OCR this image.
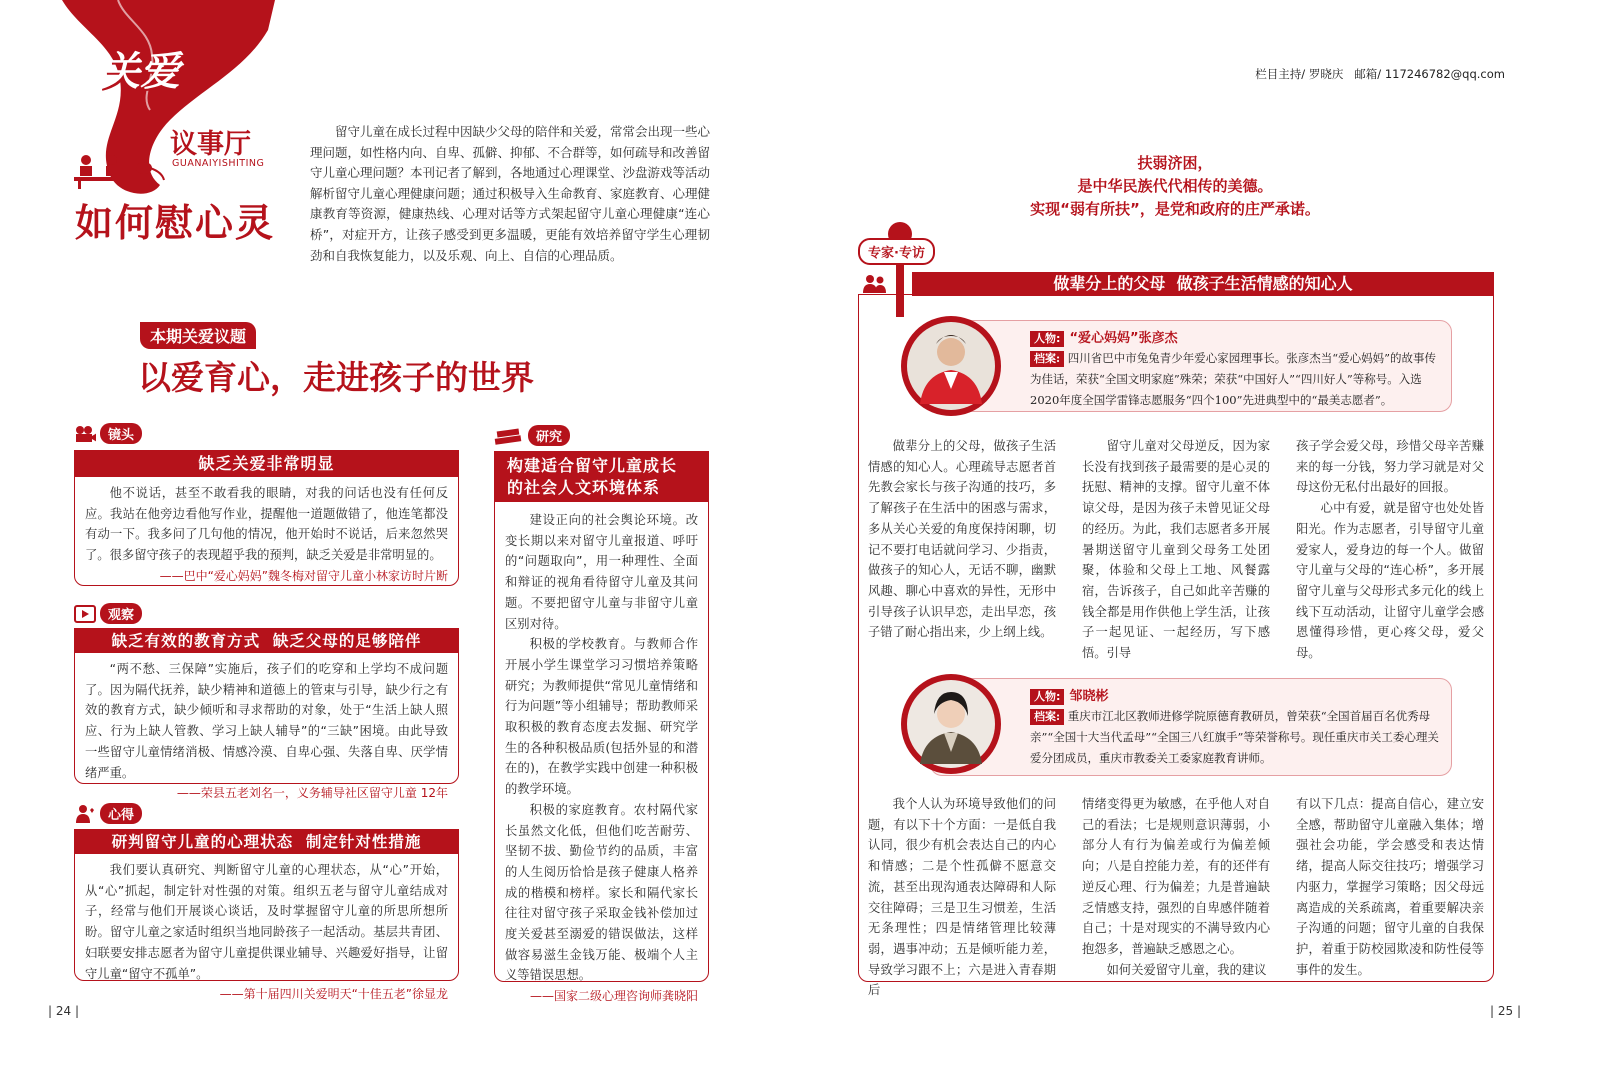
关爱
议事厅
GUANAIYISHITING
如何慰心灵

留守儿童在成长过程中因缺少父母的陪伴和关爱，常常会出现一些心理问题，如性格内向、自卑、孤僻、抑郁、不合群等，如何疏导和改善留守儿童心理问题？本刊记者了解到，各地通过心理课堂、沙盘游戏等活动解析留守儿童心理健康问题；通过积极导入生命教育、家庭教育、心理健康教育等资源，健康热线、心理对话等方式架起留守儿童心理健康“连心桥”，对症开方，让孩子感受到更多温暖，更能有效培养留守学生心理韧劲和自我恢复能力，以及乐观、向上、自信的心理品质。

本期关爱议题
以爱育心，走进孩子的世界
镜头
缺乏关爱非常明显

他不说话，甚至不敢看我的眼睛，对我的问话也没有任何反应。我站在他旁边看他写作业，提醒他一道题做错了，他连笔都没有动一下。我多问了几句他的情况，他开始时不说话，后来忽然哭了。很多留守孩子的表现超乎我的预判，缺乏关爱是非常明显的。

——巴中“爱心妈妈”魏冬梅对留守儿童小林家访时片断
观察
缺乏有效的教育方式  缺乏父母的足够陪伴

“两不愁、三保障”实施后，孩子们的吃穿和上学均不成问题了。因为隔代抚养，缺少精神和道德上的管束与引导，缺少行之有效的教育方式，缺少倾听和寻求帮助的对象，处于“生活上缺人照应、行为上缺人管教、学习上缺人辅导”的“三缺”困境。由此导致一些留守儿童情绪消极、情感冷漠、自卑心强、失落自卑、厌学情绪严重。

——荣县五老刘名一，义务辅导社区留守儿童 12年
心得
研判留守儿童的心理状态  制定针对性措施

我们要认真研究、判断留守儿童的心理状态，从“心”开始，从“心”抓起，制定针对性强的对策。组织五老与留守儿童结成对子，经常与他们开展谈心谈话，及时掌握留守儿童的所思所想所盼。留守儿童之家适时组织当地同龄孩子一起活动。基层共青团、妇联要安排志愿者为留守儿童提供课业辅导、兴趣爱好指导，让留守儿童“留守不孤单”。

——第十届四川关爱明天“十佳五老”徐显龙
研究
构建适合留守儿童成长
的社会人文环境体系

建设正向的社会舆论环境。改变长期以来对留守儿童报道、呼吁的“问题取向”，用一种理性、全面和辩证的视角看待留守儿童及其问题。不要把留守儿童与非留守儿童区别对待。

积极的学校教育。与教师合作开展小学生课堂学习习惯培养策略研究；为教师提供“常见儿童情绪和行为问题”等小组辅导；帮助教师采取积极的教育态度去发掘、研究学生的各种积极品质(包括外显的和潜在的)，在教学实践中创建一种积极的教学环境。

积极的家庭教育。农村隔代家长虽然文化低，但他们吃苦耐劳、坚韧不拔、勤俭节约的品质，丰富的人生阅历恰恰是孩子健康人格养成的楷模和榜样。家长和隔代家长往往对留守孩子采取金钱补偿加过度关爱甚至溺爱的错误做法，这样做容易滋生金钱万能、极端个人主义等错误思想。

——国家二级心理咨询师龚晓阳
| 24 |
栏目主持/ 罗晓庆   邮箱/ 117246782@qq.com
扶弱济困，
是中华民族代代相传的美德。
实现“弱有所扶”，是党和政府的庄严承诺。
专家·专访
做辈分上的父母  做孩子生活情感的知心人
人物: “爱心妈妈”张彦杰
档案: 四川省巴中市兔兔青少年爱心家园理事长。张彦杰当“爱心妈妈”的故事传为佳话，荣获“全国文明家庭”殊荣；荣获“中国好人”“四川好人”等称号。入选2020年度全国学雷锋志愿服务“四个100”先进典型中的“最美志愿者”。

做辈分上的父母，做孩子生活情感的知心人。心理疏导志愿者首先教会家长与孩子沟通的技巧，多了解孩子在生活中的困惑与需求，多从关心关爱的角度保持闲聊，切记不要打电话就问学习、少指责，做孩子的知心人，无话不聊，幽默风趣、聊心中喜欢的异性，无形中引导孩子认识早恋，走出早恋，孩子错了耐心指出来，少上纲上线。

留守儿童对父母逆反，因为家长没有找到孩子最需要的是心灵的抚慰、精神的支撑。留守儿童不体谅父母，是因为孩子未曾见证父母的经历。为此，我们志愿者多开展暑期送留守儿童到父母务工处团聚，体验和父母上工地、风餐露宿，告诉孩子，自己如此辛苦赚的钱全都是用作供他上学生活，让孩子一起见证、一起经历，写下感悟。引导

孩子学会爱父母，珍惜父母辛苦赚来的每一分钱，努力学习就是对父母这份无私付出最好的回报。

心中有爱，就是留守也处处皆阳光。作为志愿者，引导留守儿童爱家人，爱身边的每一个人。做留守儿童与父母的“连心桥”，多开展留守儿童与父母形式多元化的线上线下互动活动，让留守儿童学会感恩懂得珍惜，更心疼父母，爱父母。

人物: 邹晓彬
档案: 重庆市江北区教师进修学院原德育教研员，曾荣获“全国首届百名优秀母亲”“全国十大当代孟母”“全国三八红旗手”等荣誉称号。现任重庆市关工委心理关爱分团成员，重庆市教委关工委家庭教育讲师。

我个人认为环境导致他们的问题，有以下十个方面：一是低自我认同，很少有机会表达自己的内心和情感；二是个性孤僻不愿意交流，甚至出现沟通表达障碍和人际交往障碍；三是卫生习惯差，生活无条理性；四是情绪管理比较薄弱，遇事冲动；五是倾听能力差，导致学习跟不上；六是进入青春期后

情绪变得更为敏感，在乎他人对自己的看法；七是规则意识薄弱，小部分人有行为偏差或行为偏差倾向；八是自控能力差，有的还伴有逆反心理、行为偏差；九是普遍缺乏情感支持，强烈的自卑感伴随着自己；十是对现实的不满导致内心抱怨多，普遍缺乏感恩之心。

如何关爱留守儿童，我的建议

有以下几点：提高自信心，建立安全感，帮助留守儿童融入集体；增强社会功能，学会感受和表达情绪，提高人际交往技巧；增强学习内驱力，掌握学习策略；因父母远离造成的关系疏离，着重要解决亲子沟通的问题；留守儿童的自我保护，着重于防校园欺凌和防性侵等事件的发生。

| 25 |
